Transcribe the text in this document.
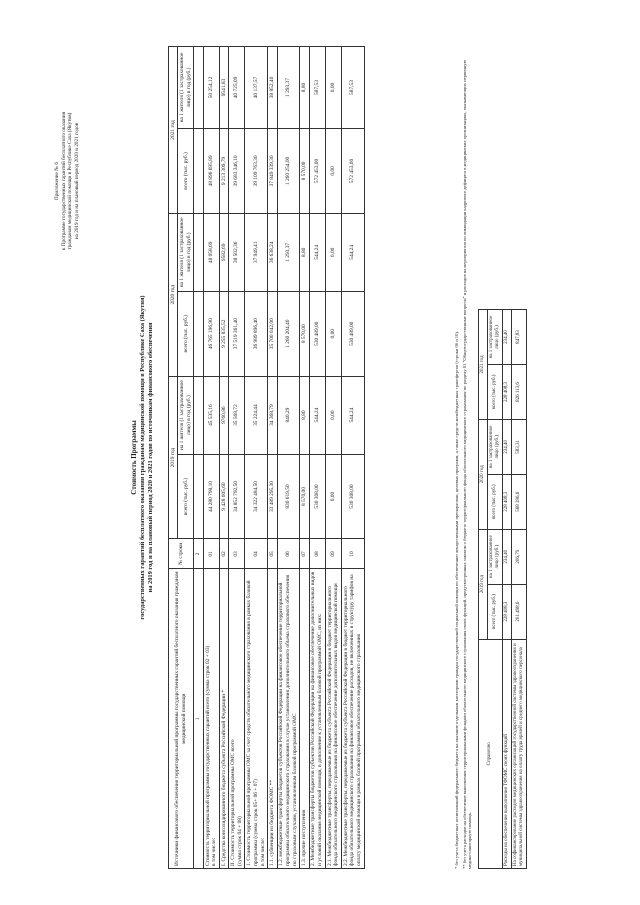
Приложение № 6 к Программе государственных гарантий бесплатного оказания гражданам медицинской помощи в Республике Саха (Якутия) на 2019 год и на плановый период 2020 и 2021 годов
Стоимость Программы государственных гарантий бесплатного оказания гражданам медицинской помощи в Республике Саха (Якутия) на 2019 год и на плановый период 2020 и 2021 годов по источникам финансового обеспечения
Источники финансового обеспечения территориальной программы государственных гарантий бесплатного оказания гражданам медицинской помощи	№ строки	2019 год		2020 год		2021 год	
		всего (тыс. руб.)	на 1 жителя (1 застрахованное лицо) в год (руб.)	всего (тыс. руб.)	на 1 жителя (1 застрахованное лицо) в год (руб.)	всего (тыс. руб.)	на 1 жителя (1 застрахованное лицо) в год (руб.)
1	2						

Стоимость территориальной программы государственных гарантий всего (сумма строк 02 + 03) в том числе:	01	44 280 798,10	45 535,16	46 765 196,90	48 058,69	48 896 695,89	50 254,12

I. Средства консолидированного бюджета субъекта Российской Федерации *	02	9 428 005,60	9760,86	9 255 835,52	9582,69	9 213 309,79	9541,83

II. Стоимость территориальной программы ОМС всего (сумма строк 04 + 08)	03	34 852 792,50	35 568,72	37 519 361,40	38 502,36	39 683 346,10	40 725,09

1. Стоимость территориальной программы ОМС за счет средств обязательного медицинского страхования в рамках базовой программы (сумма строк 05+ 06 + 07) в том числе:	04	34 322 484,50	35 224,44	36 989 896,40	37 949,41	39 109 763,30	40 137,57

1.1. субвенции из бюджета ФОМС **	05	33 489 295,30	34 368,79	35 700 042,00	36 638,24	37 849 339,30	38 852,40

1.2. межбюджетные трансферты бюджетов субъектов Российской Федерации на финансовое обеспечение территориальной программы обязательного медицинского страхования в случае установления дополнительного объема страхового обеспечения по страховым случаям, установленным базовой программой ОМС	06	830 619,50	840,29	1 260 204,40	1 293,37	1 260 254,00	1 293,37

1.3. прочие поступления	07	8 570,00	8,80	8 570,00	8,80	8 570,00	8,80

2. Межбюджетные трансферты бюджетов субъектов Российской Федерации на финансовое обеспечение дополнительных видов и условий оказания медицинской помощи, в дополнение к установленным базовой программой ОМС, из них:	08	530 308,00	544,24	530 489,00	544,24	572 453,00	587,53

2.1. Межбюджетные трансферты, передаваемые из бюджета субъекта Российской Федерации в бюджет территориального фонда обязательного медицинского страхования на финансовое обеспечение дополнительных видов медицинской помощи	09	0,00	0,00	0,00	0,00	0,00	0,00

2.2. Межбюджетные трансферты, передаваемые из бюджета субъекта Российской Федерации в бюджет территориального фонда обязательного медицинского страхования на финансовое обеспечение расходов, не включенных в структуру тарифов на оплату медицинской помощи в рамках базовой программы обязательного медицинского страхования	10	530 308,00	544,24	530 489,00	544,24	572 453,00	587,53
* без учета бюджетных ассигнований федерального бюджета на оказание отдельным категориям граждан государственной социальной помощи по обеспечению лекарственными препаратами, целевых программ, а также средств межбюджетных трансфертов (строки 06 и 10). ** без учета расходов на обеспечение выполнения территориальными фондами обязательного медицинского страхования своих функций, предусмотренных законом о бюджете территориального фонда обязательного медицинского страхования по разделу 01 "Общегосударственные вопросы" и расходов на мероприятия по ликвидации кадрового дефицита в медицинских организациях, оказывающих первичную медико-санитарную помощь.
Справочно	2019 год		2020 год		2021 год	
	всего (тыс. руб.)	на 1 застрахованное лицо (руб.)	всего (тыс. руб.)	на 1 застрахованное лицо (руб.)	всего (тыс. руб.)	на 1 застрахованное лицо (руб.)
Расходы на обеспечение выполнения ТФОМС своих функций	228 408,3	234,40	228 408,3	234,40	228 408,3	234,40
На софинансирование расходов медицинских организаций государственной системы здравоохранения и муниципальной системы здравоохранения на оплату труда врачей и среднего медицинского персонала	201 498,6	206,79	568 396,6	583,31	826 113,6	847,83
